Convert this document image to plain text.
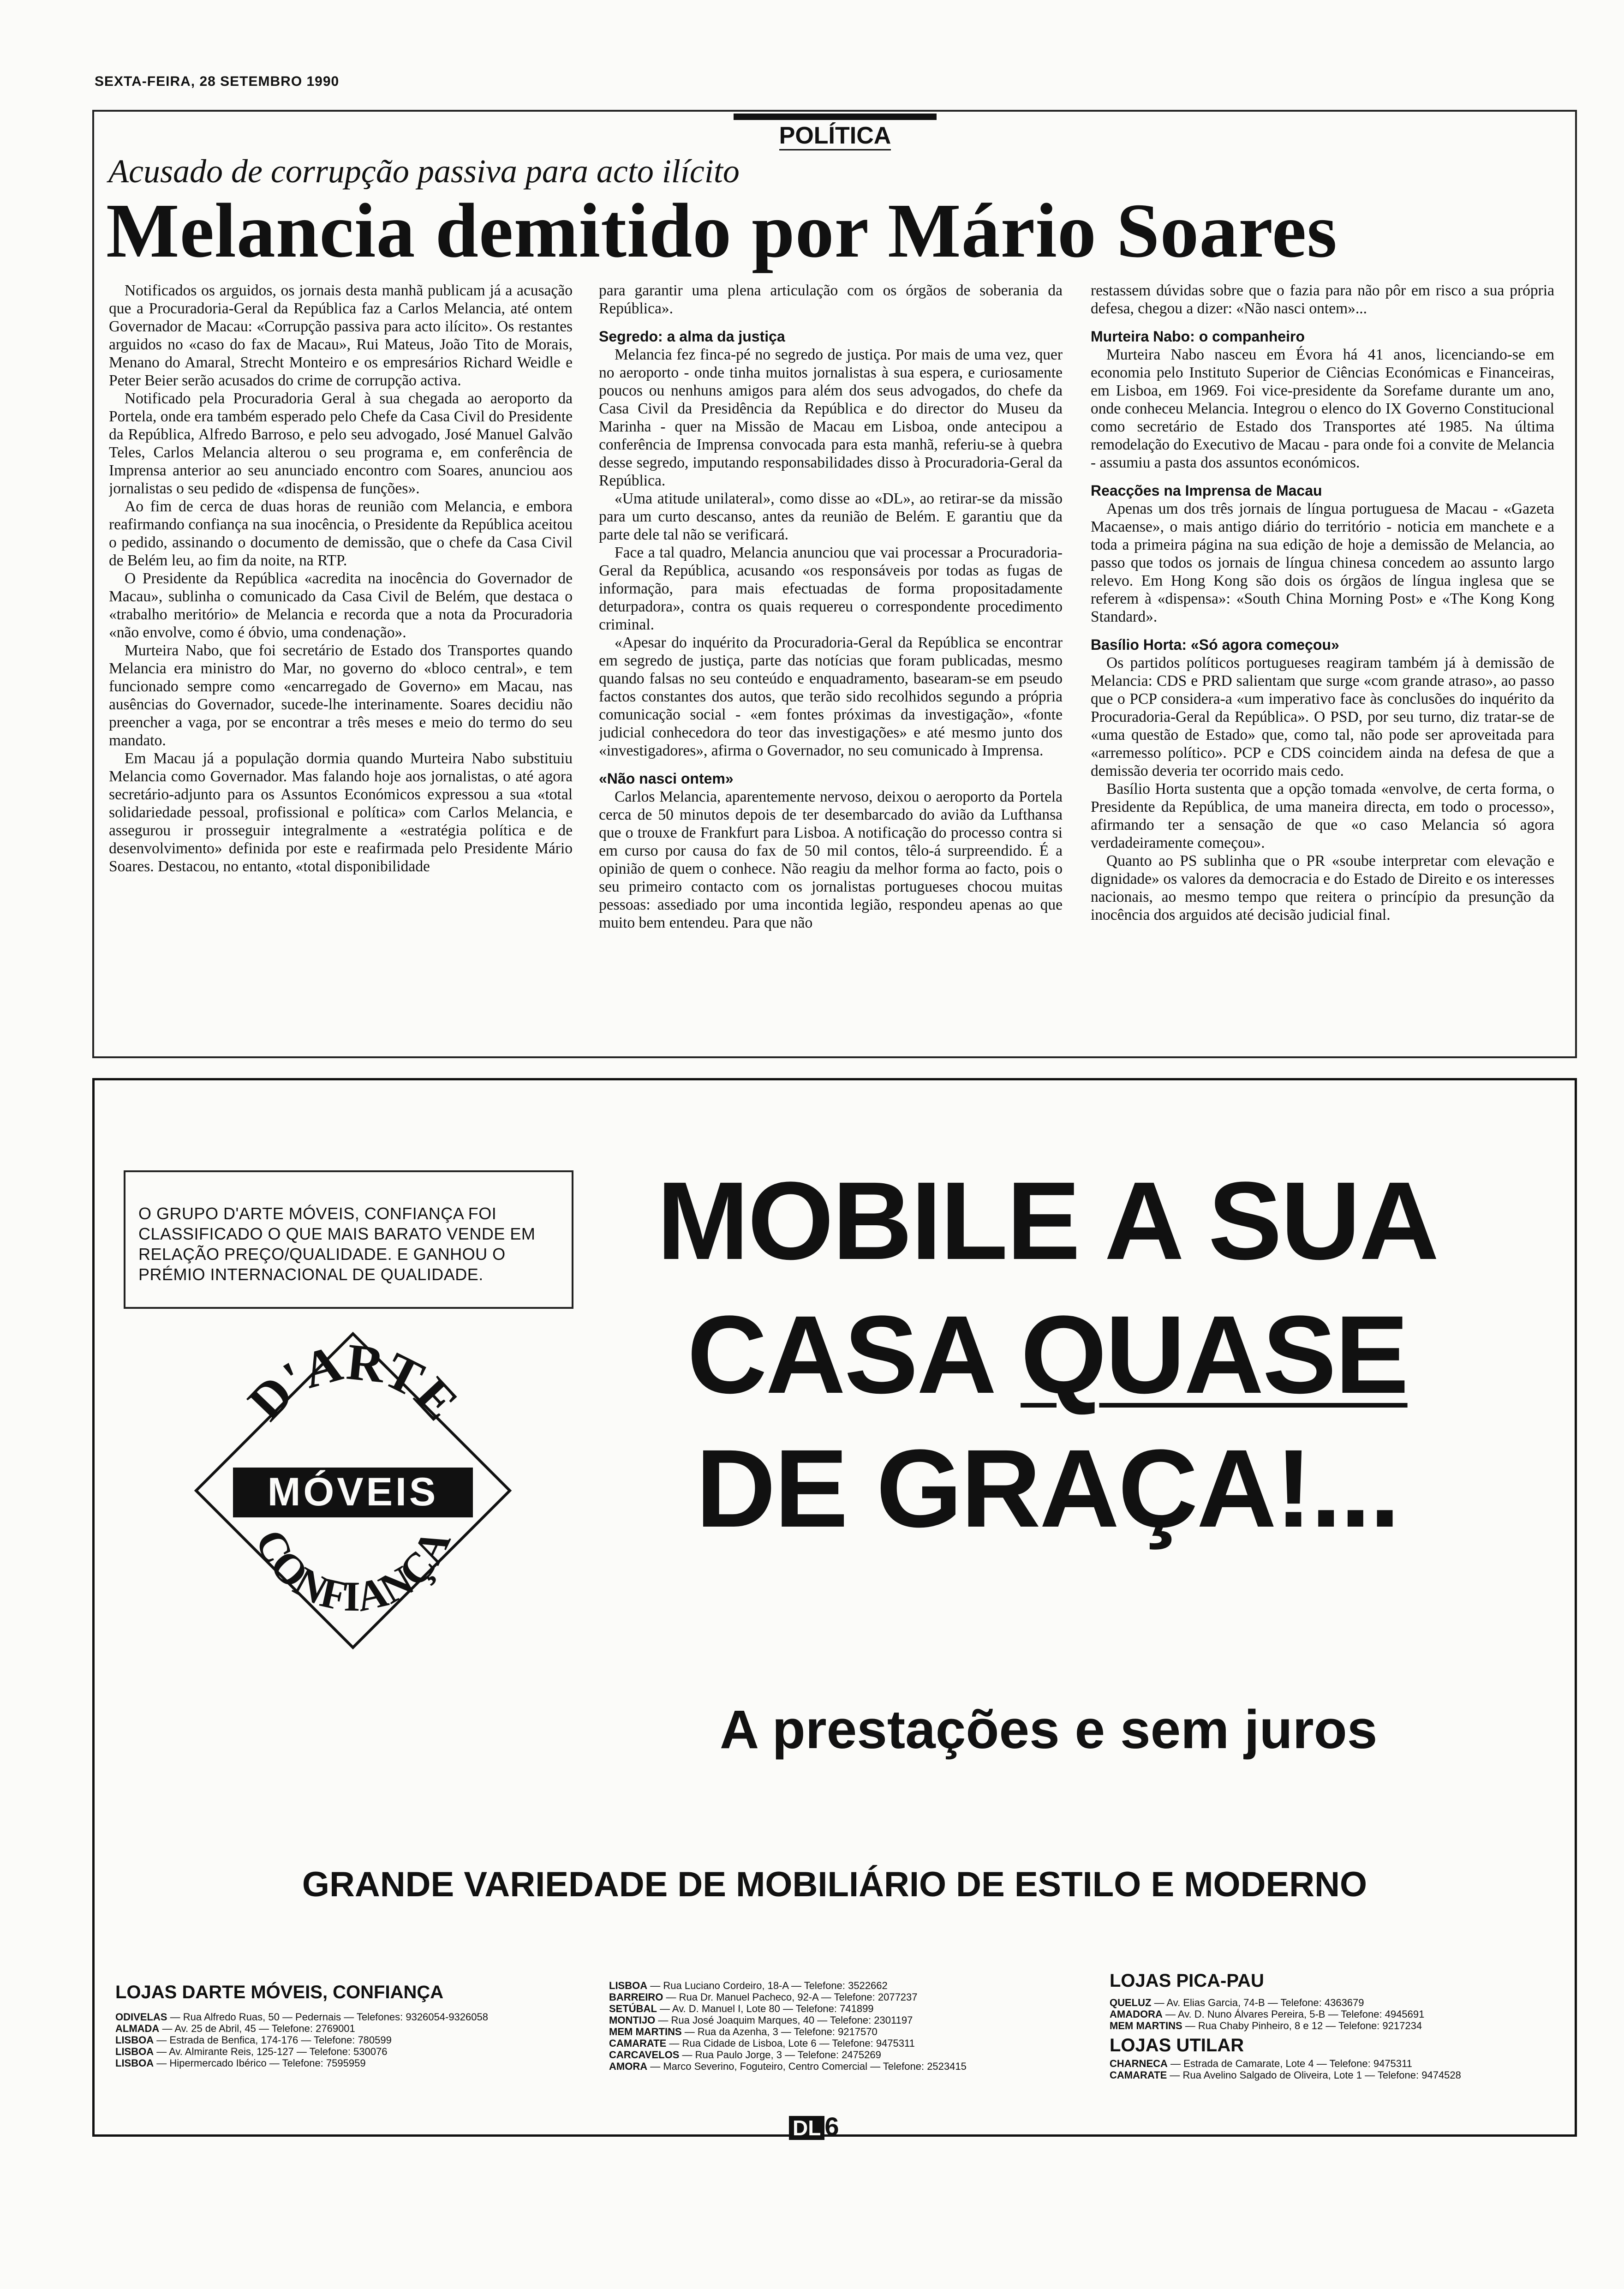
SEXTA-FEIRA, 28 SETEMBRO 1990
POLÍTICA
Acusado de corrupção passiva para acto ilícito
Melancia demitido por Mário Soares

Notificados os arguidos, os jornais desta manhã publicam já a acusação que a Procuradoria-Geral da República faz a Carlos Melancia, até ontem Governador de Macau: «Corrupção passiva para acto ilícito». Os restantes arguidos no «caso do fax de Macau», Rui Mateus, João Tito de Morais, Menano do Amaral, Strecht Monteiro e os empresários Richard Weidle e Peter Beier serão acusados do crime de corrupção activa.

Notificado pela Procuradoria Geral à sua chegada ao aeroporto da Portela, onde era também esperado pelo Chefe da Casa Civil do Presidente da República, Alfredo Barroso, e pelo seu advogado, José Manuel Galvão Teles, Carlos Melancia alterou o seu programa e, em conferência de Imprensa anterior ao seu anunciado encontro com Soares, anunciou aos jornalistas o seu pedido de «dispensa de funções».

Ao fim de cerca de duas horas de reunião com Melancia, e embora reafirmando confiança na sua inocência, o Presidente da República aceitou o pedido, assinando o documento de demissão, que o chefe da Casa Civil de Belém leu, ao fim da noite, na RTP.

O Presidente da República «acredita na inocência do Governador de Macau», sublinha o comunicado da Casa Civil de Belém, que destaca o «trabalho meritório» de Melancia e recorda que a nota da Procuradoria «não envolve, como é óbvio, uma condenação».

Murteira Nabo, que foi secretário de Estado dos Transportes quando Melancia era ministro do Mar, no governo do «bloco central», e tem funcionado sempre como «encarregado de Governo» em Macau, nas ausências do Governador, sucede-lhe interinamente. Soares decidiu não preencher a vaga, por se encontrar a três meses e meio do termo do seu mandato.

Em Macau já a população dormia quando Murteira Nabo substituiu Melancia como Governador. Mas falando hoje aos jornalistas, o até agora secretário-adjunto para os Assuntos Económicos expressou a sua «total solidariedade pessoal, profissional e política» com Carlos Melancia, e assegurou ir prosseguir integralmente a «estratégia política e de desenvolvimento» definida por este e reafirmada pelo Presidente Mário Soares. Destacou, no entanto, «total disponibilidade

para garantir uma plena articulação com os órgãos de soberania da República».

Segredo: a alma da justiça

Melancia fez finca-pé no segredo de justiça. Por mais de uma vez, quer no aeroporto - onde tinha muitos jornalistas à sua espera, e curiosamente poucos ou nenhuns amigos para além dos seus advogados, do chefe da Casa Civil da Presidência da República e do director do Museu da Marinha - quer na Missão de Macau em Lisboa, onde antecipou a conferência de Imprensa convocada para esta manhã, referiu-se à quebra desse segredo, imputando responsabilidades disso à Procuradoria-Geral da República.

«Uma atitude unilateral», como disse ao «DL», ao retirar-se da missão para um curto descanso, antes da reunião de Belém. E garantiu que da parte dele tal não se verificará.

Face a tal quadro, Melancia anunciou que vai processar a Procuradoria-Geral da República, acusando «os responsáveis por todas as fugas de informação, para mais efectuadas de forma propositadamente deturpadora», contra os quais requereu o correspondente procedimento criminal.

«Apesar do inquérito da Procuradoria-Geral da República se encontrar em segredo de justiça, parte das notícias que foram publicadas, mesmo quando falsas no seu conteúdo e enquadramento, basearam-se em pseudo factos constantes dos autos, que terão sido recolhidos segundo a própria comunicação social - «em fontes próximas da investigação», «fonte judicial conhecedora do teor das investigações» e até mesmo junto dos «investigadores», afirma o Governador, no seu comunicado à Imprensa.

«Não nasci ontem»

Carlos Melancia, aparentemente nervoso, deixou o aeroporto da Portela cerca de 50 minutos depois de ter desembarcado do avião da Lufthansa que o trouxe de Frankfurt para Lisboa. A notificação do processo contra si em curso por causa do fax de 50 mil contos, têlo-á surpreendido. É a opinião de quem o conhece. Não reagiu da melhor forma ao facto, pois o seu primeiro contacto com os jornalistas portugueses chocou muitas pessoas: assediado por uma incontida legião, respondeu apenas ao que muito bem entendeu. Para que não

restassem dúvidas sobre que o fazia para não pôr em risco a sua própria defesa, chegou a dizer: «Não nasci ontem»...

Murteira Nabo: o companheiro

Murteira Nabo nasceu em Évora há 41 anos, licenciando-se em economia pelo Instituto Superior de Ciências Económicas e Financeiras, em Lisboa, em 1969. Foi vice-presidente da Sorefame durante um ano, onde conheceu Melancia. Integrou o elenco do IX Governo Constitucional como secretário de Estado dos Transportes até 1985. Na última remodelação do Executivo de Macau - para onde foi a convite de Melancia - assumiu a pasta dos assuntos económicos.

Reacções na Imprensa de Macau

Apenas um dos três jornais de língua portuguesa de Macau - «Gazeta Macaense», o mais antigo diário do território - noticia em manchete e a toda a primeira página na sua edição de hoje a demissão de Melancia, ao passo que todos os jornais de língua chinesa concedem ao assunto largo relevo. Em Hong Kong são dois os órgãos de língua inglesa que se referem à «dispensa»: «South China Morning Post» e «The Kong Kong Standard».

Basílio Horta: «Só agora começou»

Os partidos políticos portugueses reagiram também já à demissão de Melancia: CDS e PRD salientam que surge «com grande atraso», ao passo que o PCP considera-a «um imperativo face às conclusões do inquérito da Procuradoria-Geral da República». O PSD, por seu turno, diz tratar-se de «uma questão de Estado» que, como tal, não pode ser aproveitada para «arremesso político». PCP e CDS coincidem ainda na defesa de que a demissão deveria ter ocorrido mais cedo.

Basílio Horta sustenta que a opção tomada «envolve, de certa forma, o Presidente da República, de uma maneira directa, em todo o processo», afirmando ter a sensação de que «o caso Melancia só agora verdadeiramente começou».

Quanto ao PS sublinha que o PR «soube interpretar com elevação e dignidade» os valores da democracia e do Estado de Direito e os interesses nacionais, ao mesmo tempo que reitera o princípio da presunção da inocência dos arguidos até decisão judicial final.

O GRUPO D'ARTE MÓVEIS, CONFIANÇA FOI CLASSIFICADO O QUE MAIS BARATO VENDE EM RELAÇÃO PREÇO/QUALIDADE. E GANHOU O PRÉMIO INTERNACIONAL DE QUALIDADE.	MOBILE A SUA
CASA QUASE
DE GRAÇA!...
D'ARTE
MÓVEIS
CONFIANÇA
A prestações e sem juros
GRANDE VARIEDADE DE MOBILIÁRIO DE ESTILO E MODERNO
LOJAS DARTE MÓVEIS, CONFIANÇA
ODIVELAS — Rua Alfredo Ruas, 50 — Pedernais — Telefones: 9326054-9326058
ALMADA — Av. 25 de Abril, 45 — Telefone: 2769001
LISBOA — Estrada de Benfica, 174-176 — Telefone: 780599
LISBOA — Av. Almirante Reis, 125-127 — Telefone: 530076
LISBOA — Hipermercado Ibérico — Telefone: 7595959
LISBOA — Rua Luciano Cordeiro, 18-A — Telefone: 3522662
BARREIRO — Rua Dr. Manuel Pacheco, 92-A — Telefone: 2077237
SETÚBAL — Av. D. Manuel I, Lote 80 — Telefone: 741899
MONTIJO — Rua José Joaquim Marques, 40 — Telefone: 2301197
MEM MARTINS — Rua da Azenha, 3 — Telefone: 9217570
CAMARATE — Rua Cidade de Lisboa, Lote 6 — Telefone: 9475311
CARCAVELOS — Rua Paulo Jorge, 3 — Telefone: 2475269
AMORA — Marco Severino, Foguteiro, Centro Comercial — Telefone: 2523415
LOJAS PICA-PAU
QUELUZ — Av. Elias Garcia, 74-B — Telefone: 4363679
AMADORA — Av. D. Nuno Álvares Pereira, 5-B — Telefone: 4945691
MEM MARTINS — Rua Chaby Pinheiro, 8 e 12 — Telefone: 9217234
LOJAS UTILAR
CHARNECA — Estrada de Camarate, Lote 4 — Telefone: 9475311
CAMARATE — Rua Avelino Salgado de Oliveira, Lote 1 — Telefone: 9474528
DL 6
